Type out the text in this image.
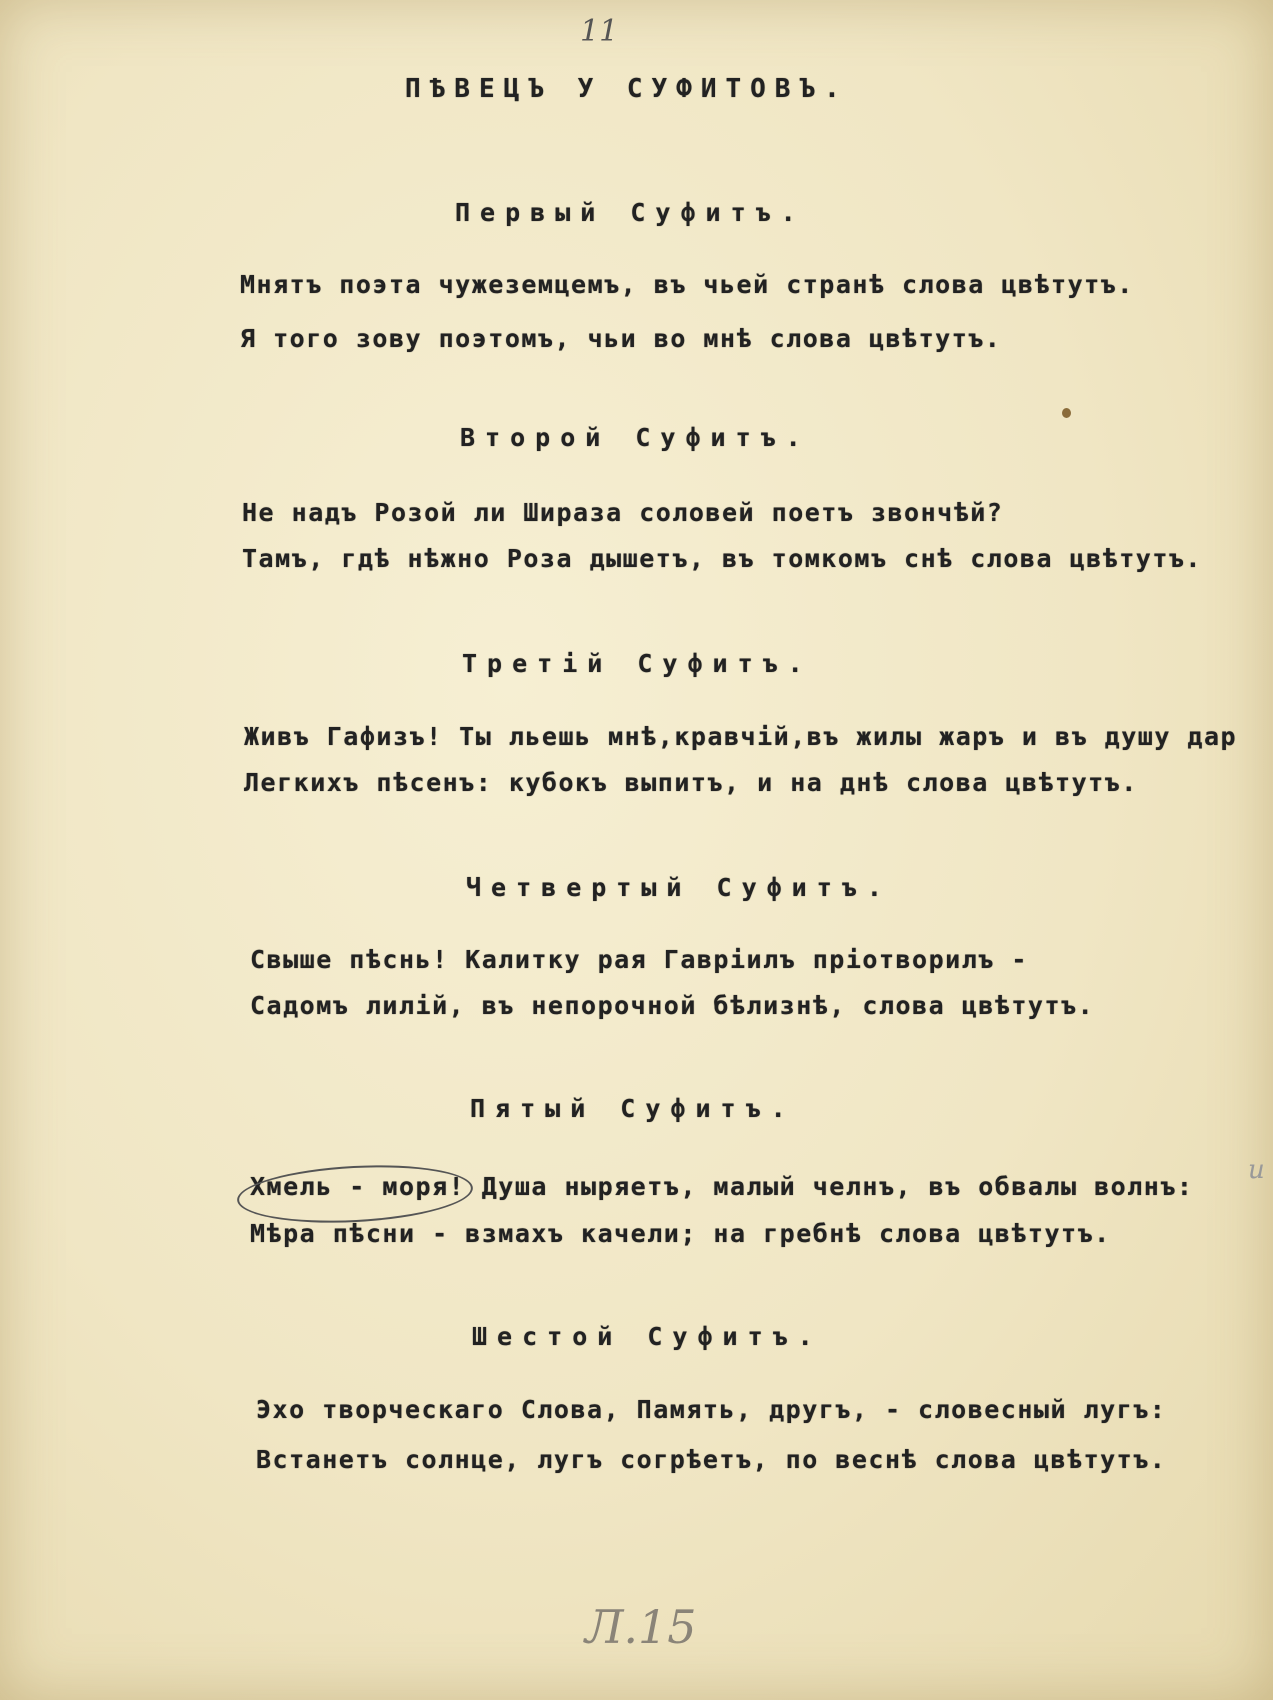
11
ПѢВЕЦЪ У СУФИТОВЪ.
Первый Суфитъ.
Мнятъ поэта чужеземцемъ, въ чьей странѣ слова цвѣтутъ.
Я того зову поэтомъ, чьи во мнѣ слова цвѣтутъ.
Второй Суфитъ.
Не надъ Розой ли Шираза соловей поетъ звончѣй?
Тамъ, гдѣ нѣжно Роза дышетъ, въ томкомъ снѣ слова цвѣтутъ.
Третій Суфитъ.
Живъ Гафизъ! Ты льешь мнѣ,кравчій,въ жилы жаръ и въ душу дар
Легкихъ пѣсенъ: кубокъ выпитъ, и на днѣ слова цвѣтутъ.
Четвертый Суфитъ.
Свыше пѣснь! Калитку рая Гавріилъ пріотворилъ -
Садомъ лилій, въ непорочной бѣлизнѣ, слова цвѣтутъ.
Пятый Суфитъ.
Хмель - моря! Душа ныряетъ, малый челнъ, въ обвалы волнъ:
Мѣра пѣсни - взмахъ качели; на гребнѣ слова цвѣтутъ.
Шестой Суфитъ.
Эхо творческаго Слова, Память, другъ, - словесный лугъ:
Встанетъ солнце, лугъ согрѣетъ, по веснѣ слова цвѣтутъ.
и
Л.15
